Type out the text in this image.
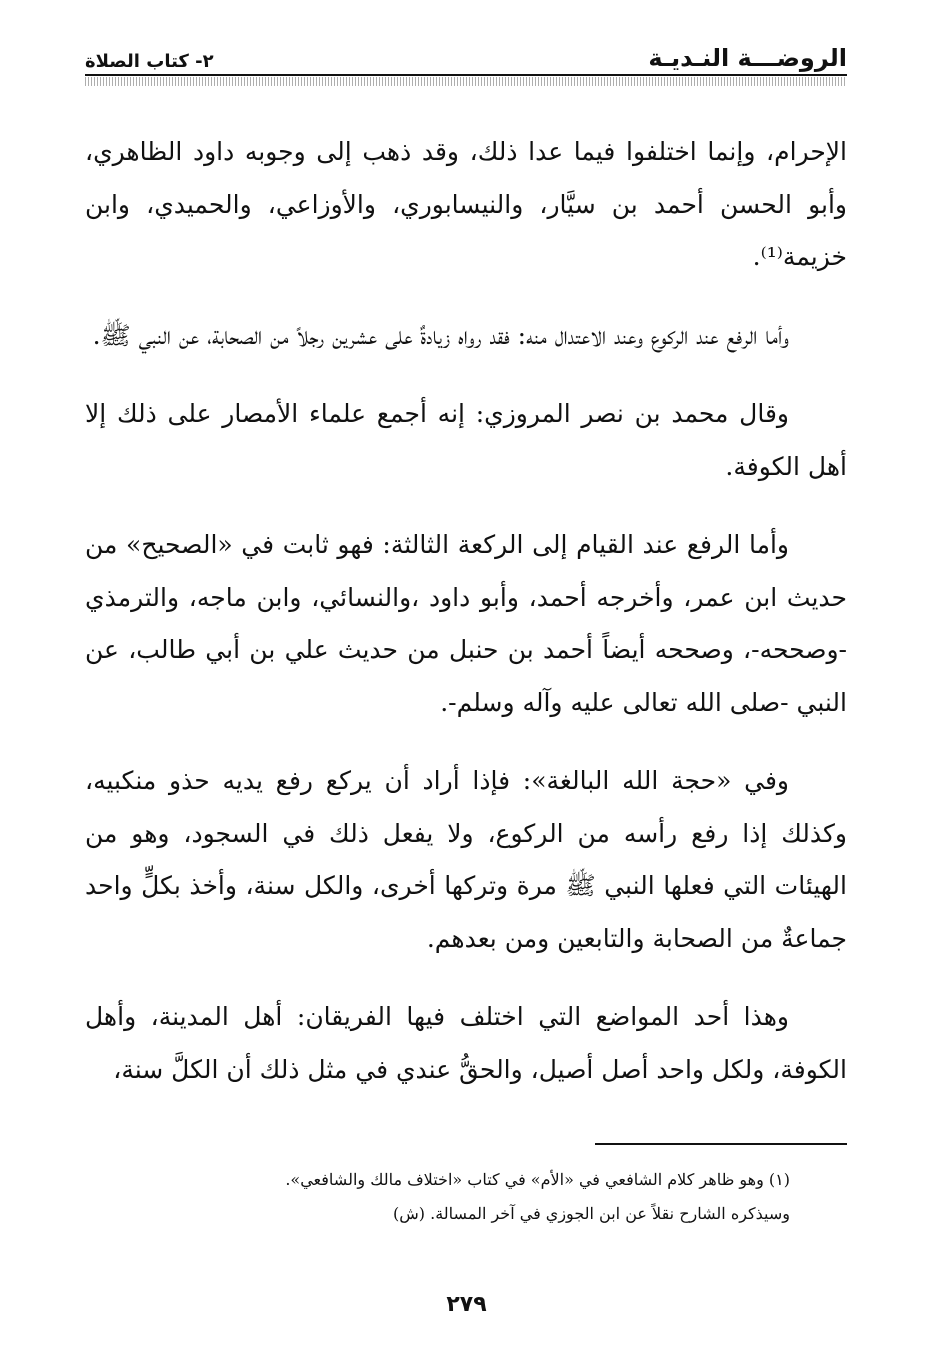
الروضـــة النـديـة
٢- كتاب الصلاة

الإحرام، وإنما اختلفوا فيما عدا ذلك، وقد ذهب إلى وجوبه داود الظاهري، وأبو الحسن أحمد بن سيَّار، والنيسابوري، والأوزاعي، والحميدي، وابن خزيمة⁽¹⁾.

وأما الرفع عند الركوع وعند الاعتدال منه: فقد رواه زيادةٌ على عشرين رجلاً من الصحابة، عن النبي ﷺ.

وقال محمد بن نصر المروزي: إنه أجمع علماء الأمصار على ذلك إلا أهل الكوفة.

وأما الرفع عند القيام إلى الركعة الثالثة: فهو ثابت في «الصحيح» من حديث ابن عمر، وأخرجه أحمد، وأبو داود ،والنسائي، وابن ماجه، والترمذي -وصححه-، وصححه أيضاً أحمد بن حنبل من حديث علي بن أبي طالب، عن النبي -صلى الله تعالى عليه وآله وسلم-.

وفي «حجة الله البالغة»: فإذا أراد أن يركع رفع يديه حذو منكبيه، وكذلك إذا رفع رأسه من الركوع، ولا يفعل ذلك في السجود، وهو من الهيئات التي فعلها النبي ﷺ مرة وتركها أخرى، والكل سنة، وأخذ بكلٍّ واحد جماعةٌ من الصحابة والتابعين ومن بعدهم.

وهذا أحد المواضع التي اختلف فيها الفريقان: أهل المدينة، وأهل الكوفة، ولكل واحد أصل أصيل، والحقُّ عندي في مثل ذلك أن الكلَّ سنة،

(١) وهو ظاهر كلام الشافعي في «الأم» في كتاب «اختلاف مالك والشافعي».

وسيذكره الشارح نقلاً عن ابن الجوزي في آخر المسالة. (ش)

٢٧٩
